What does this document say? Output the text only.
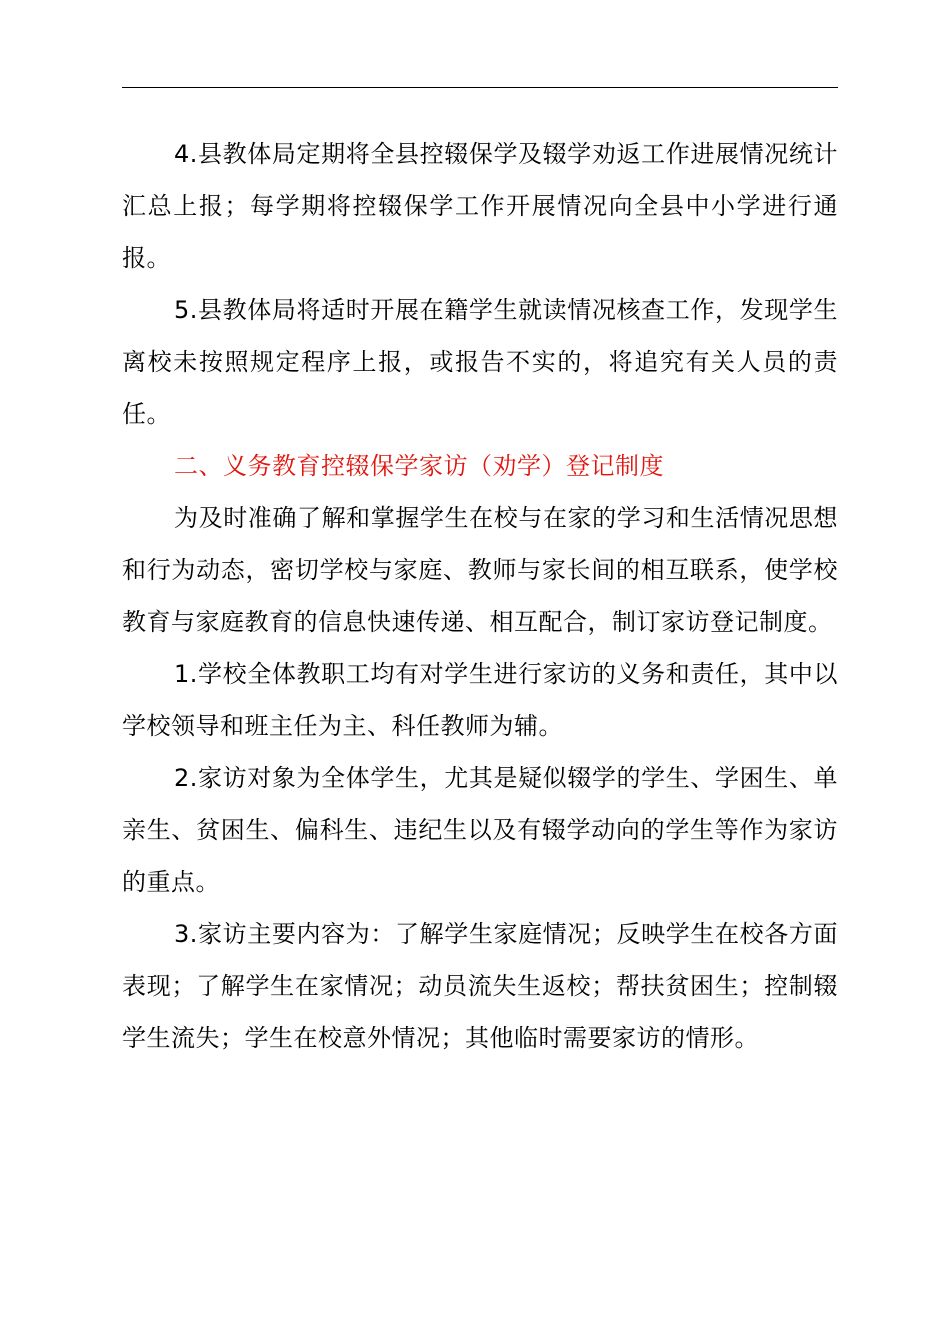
4.县教体局定期将全县控辍保学及辍学劝返工作进展情况统计汇总上报；每学期将控辍保学工作开展情况向全县中小学进行通报。

5.县教体局将适时开展在籍学生就读情况核查工作，发现学生离校未按照规定程序上报，或报告不实的，将追究有关人员的责任。

二、义务教育控辍保学家访（劝学）登记制度

为及时准确了解和掌握学生在校与在家的学习和生活情况思想和行为动态，密切学校与家庭、教师与家长间的相互联系，使学校教育与家庭教育的信息快速传递、相互配合，制订家访登记制度。

1.学校全体教职工均有对学生进行家访的义务和责任，其中以学校领导和班主任为主、科任教师为辅。

2.家访对象为全体学生，尤其是疑似辍学的学生、学困生、单亲生、贫困生、偏科生、违纪生以及有辍学动向的学生等作为家访的重点。

3.家访主要内容为：了解学生家庭情况；反映学生在校各方面表现；了解学生在家情况；动员流失生返校；帮扶贫困生；控制辍学生流失；学生在校意外情况；其他临时需要家访的情形。
